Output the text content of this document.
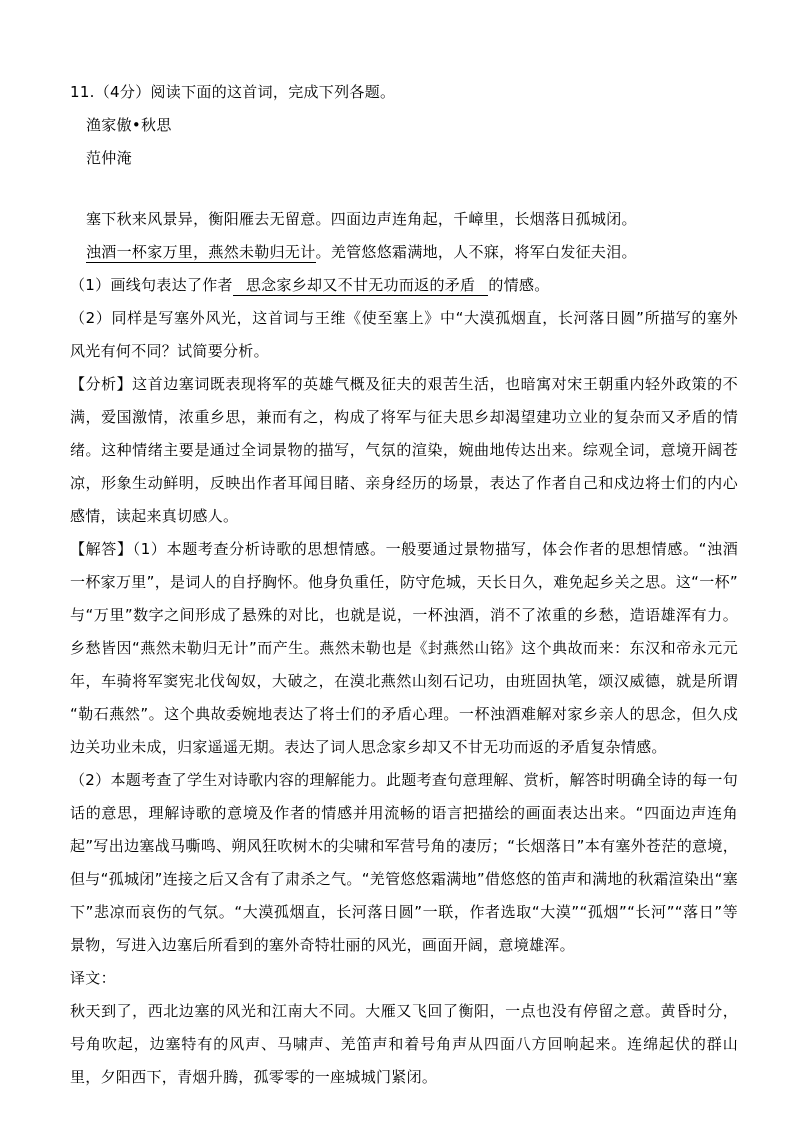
11.（4分）阅读下面的这首词，完成下列各题。

渔家傲•秋思

范仲淹

塞下秋来风景异，衡阳雁去无留意。四面边声连角起，千嶂里，长烟落日孤城闭。

浊酒一杯家万里，燕然未勒归无计。羌管悠悠霜满地，人不寐，将军白发征夫泪。

（1）画线句表达了作者 思念家乡却又不甘无功而返的矛盾 的情感。

（2）同样是写塞外风光，这首词与王维《使至塞上》中“大漠孤烟直，长河落日圆”所描写的塞外风光有何不同？试简要分析。

【分析】这首边塞词既表现将军的英雄气概及征夫的艰苦生活，也暗寓对宋王朝重内轻外政策的不满，爱国激情，浓重乡思，兼而有之，构成了将军与征夫思乡却渴望建功立业的复杂而又矛盾的情绪。这种情绪主要是通过全词景物的描写，气氛的渲染，婉曲地传达出来。综观全词，意境开阔苍凉，形象生动鲜明，反映出作者耳闻目睹、亲身经历的场景，表达了作者自己和戍边将士们的内心感情，读起来真切感人。

【解答】（1）本题考查分析诗歌的思想情感。一般要通过景物描写，体会作者的思想情感。“浊酒一杯家万里”，是词人的自抒胸怀。他身负重任，防守危城，天长日久，难免起乡关之思。这“一杯”与“万里”数字之间形成了悬殊的对比，也就是说，一杯浊酒，消不了浓重的乡愁，造语雄浑有力。乡愁皆因“燕然未勒归无计”而产生。燕然未勒也是《封燕然山铭》这个典故而来：东汉和帝永元元年，车骑将军窦宪北伐匈奴，大破之，在漠北燕然山刻石记功，由班固执笔，颂汉威德，就是所谓“勒石燕然”。这个典故委婉地表达了将士们的矛盾心理。一杯浊酒难解对家乡亲人的思念，但久戍边关功业未成，归家遥遥无期。表达了词人思念家乡却又不甘无功而返的矛盾复杂情感。

（2）本题考查了学生对诗歌内容的理解能力。此题考查句意理解、赏析，解答时明确全诗的每一句话的意思，理解诗歌的意境及作者的情感并用流畅的语言把描绘的画面表达出来。“四面边声连角起”写出边塞战马嘶鸣、朔风狂吹树木的尖啸和军营号角的凄厉；“长烟落日”本有塞外苍茫的意境，但与“孤城闭”连接之后又含有了肃杀之气。“羌管悠悠霜满地”借悠悠的笛声和满地的秋霜渲染出“塞下”悲凉而哀伤的气氛。“大漠孤烟直，长河落日圆”一联，作者选取“大漠”“孤烟”“长河”“落日”等景物，写进入边塞后所看到的塞外奇特壮丽的风光，画面开阔，意境雄浑。

译文：

秋天到了，西北边塞的风光和江南大不同。大雁又飞回了衡阳，一点也没有停留之意。黄昏时分，号角吹起，边塞特有的风声、马啸声、羌笛声和着号角声从四面八方回响起来。连绵起伏的群山里，夕阳西下，青烟升腾，孤零零的一座城城门紧闭。
